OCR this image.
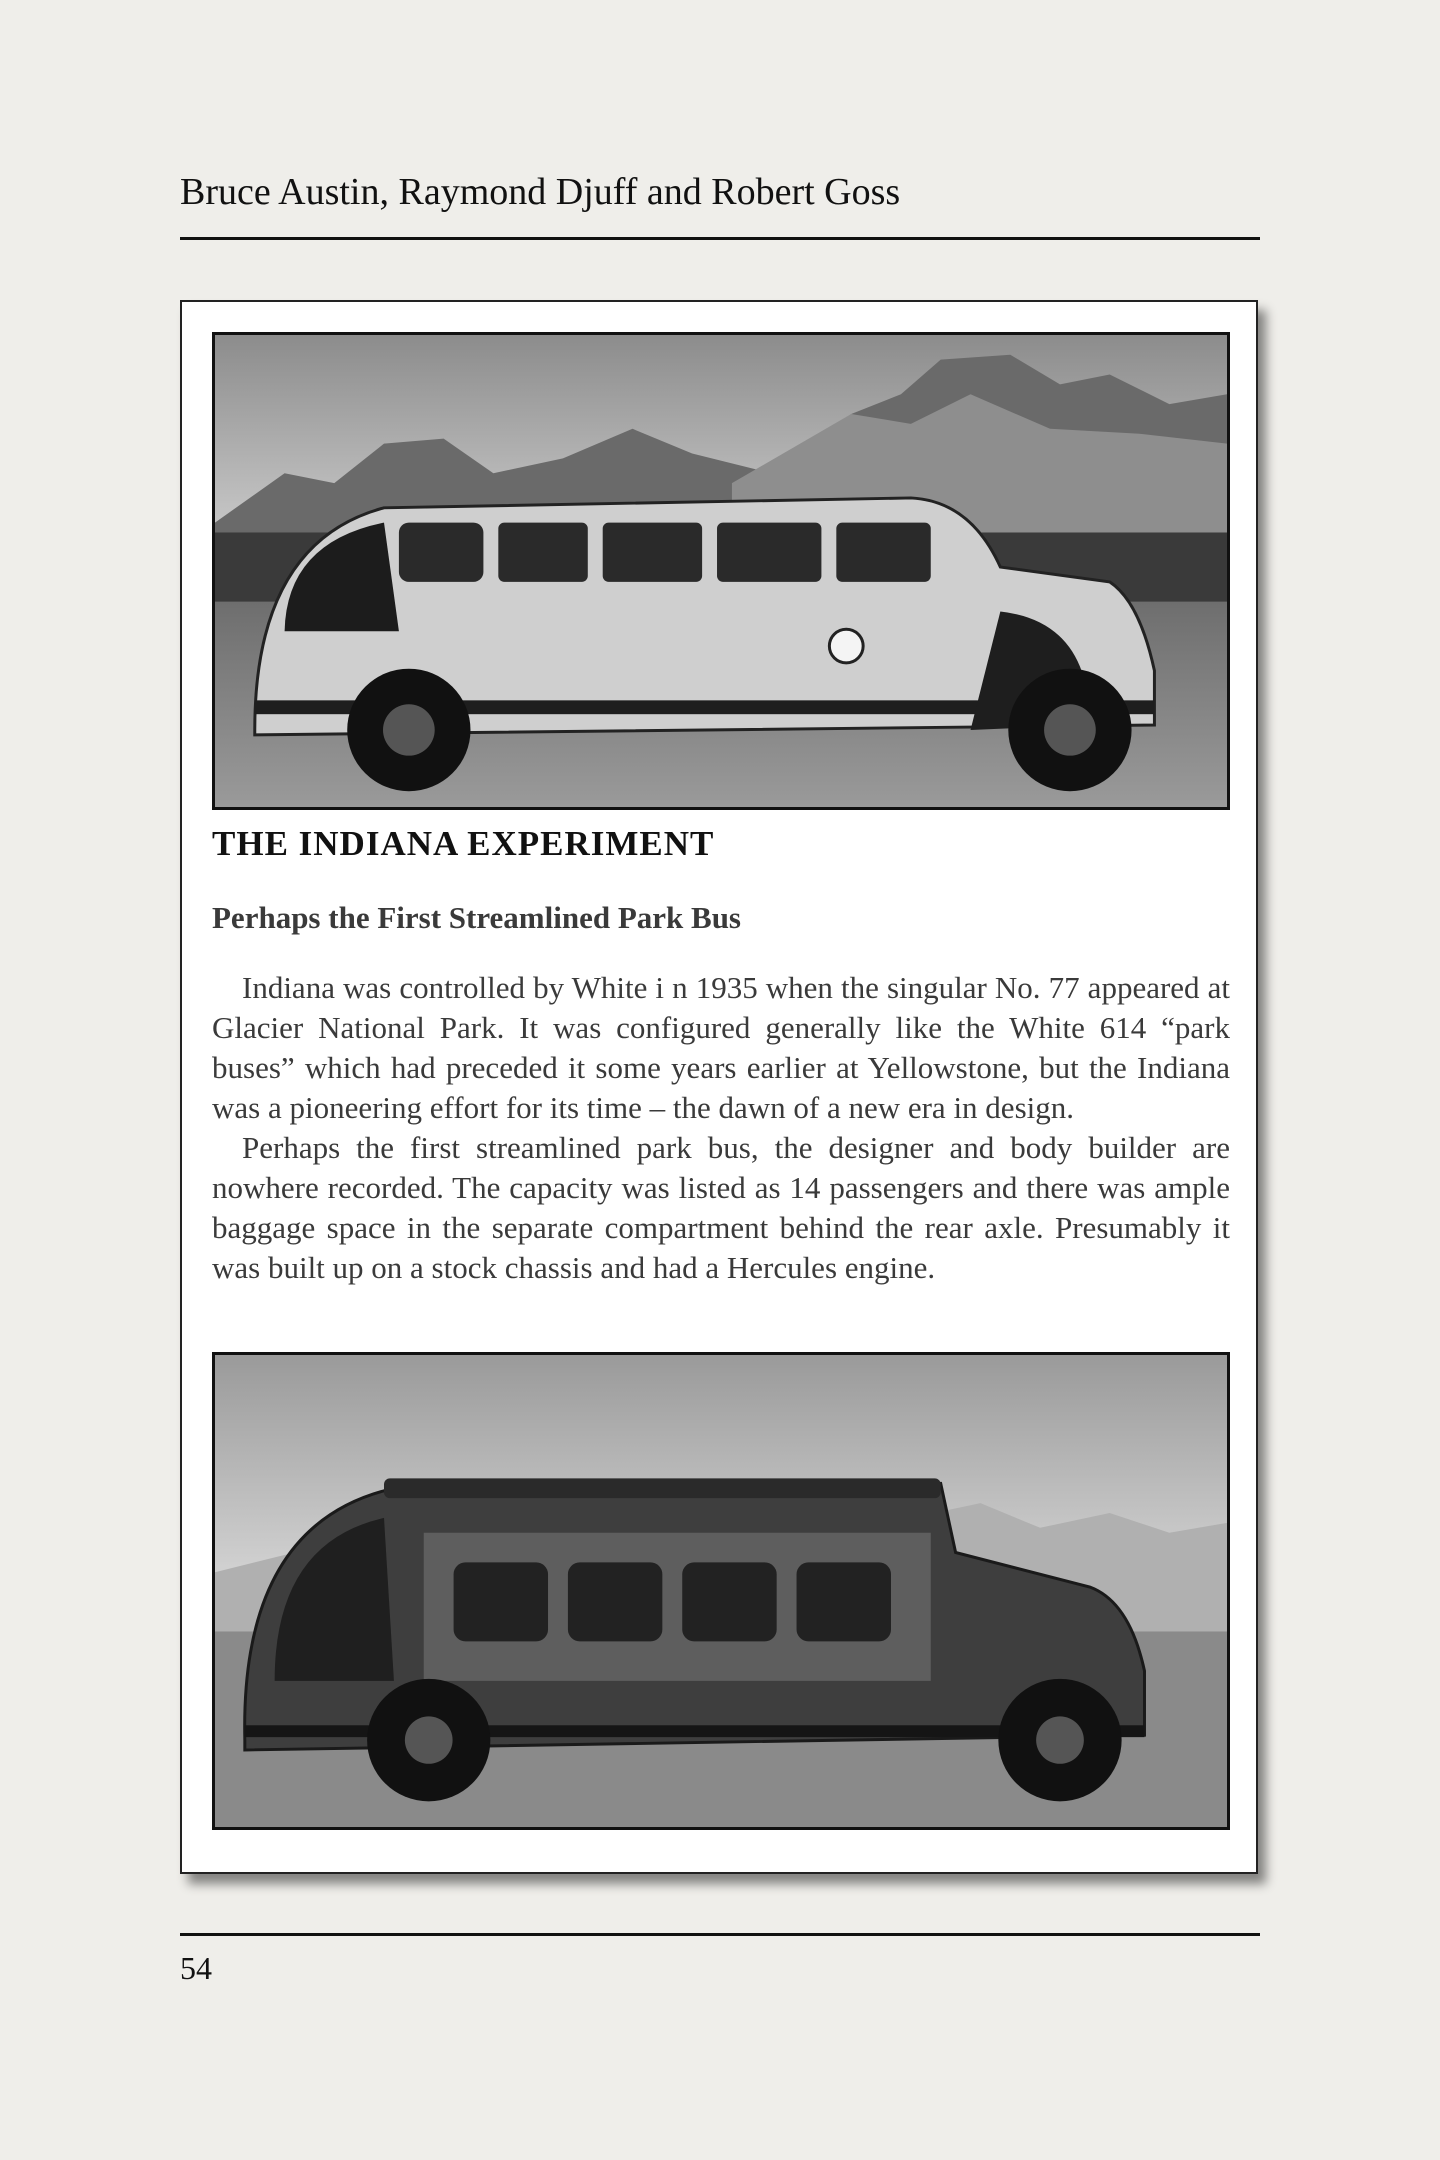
Bruce Austin, Raymond Djuff and Robert Goss
THE INDIANA EXPERIMENT
Perhaps the First Streamlined Park Bus

Indiana was controlled by White i n 1935 when the singular No. 77 appeared at Glacier National Park. It was configured generally like the White 614 “park buses” which had preceded it some years earlier at Yellowstone, but the Indiana was a pioneering effort for its time – the dawn of a new era in design.

Perhaps the first streamlined park bus, the designer and body builder are nowhere recorded. The capacity was listed as 14 passengers and there was ample baggage space in the separate compartment behind the rear axle. Presumably it was built up on a stock chassis and had a Hercules engine.

54
